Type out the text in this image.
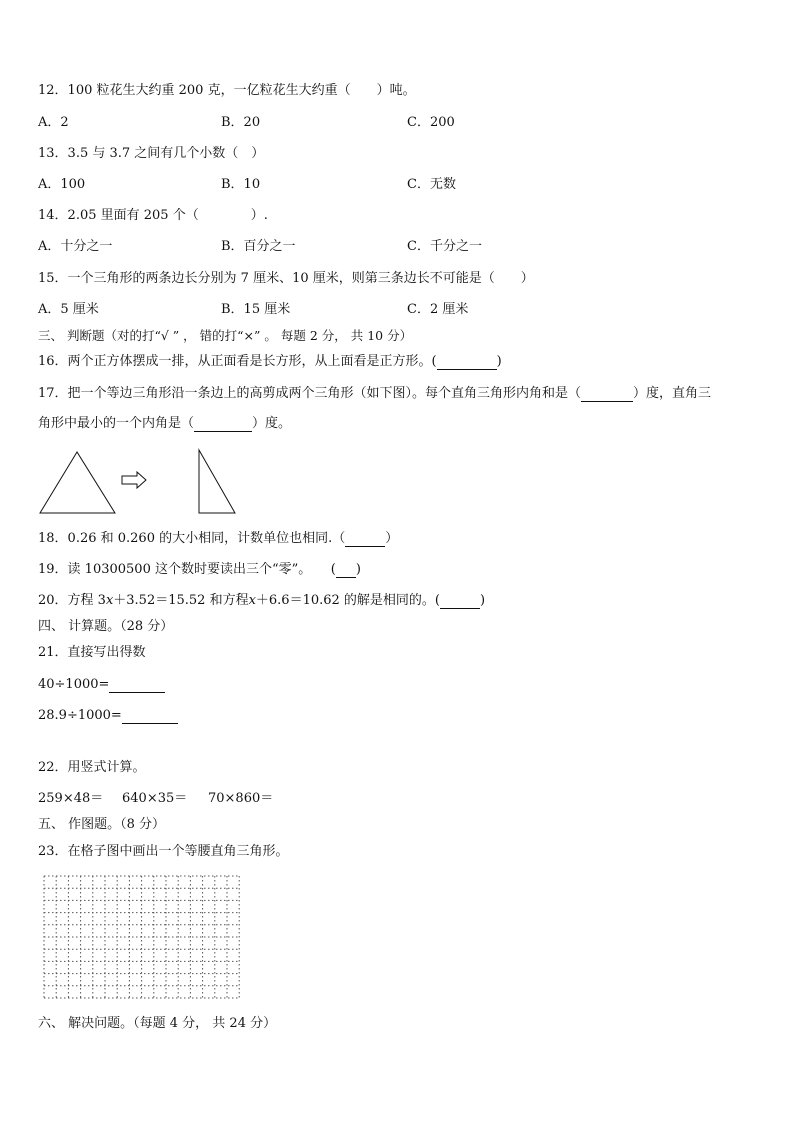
12．100 粒花生大约重 200 克，一亿粒花生大约重（　　）吨。
A．2	B．20	C．200
13．3.5 与 3.7 之间有几个小数（　）
A．100	B．10	C．无数
14．2.05 里面有 205 个（　　　　）.
A．十分之一	B．百分之一	C．千分之一
15．一个三角形的两条边长分别为 7 厘米、10 厘米，则第三条边长不可能是（　　）
A．5 厘米	B．15 厘米	C．2 厘米
三、 判断题（对的打“√ ” ， 错的打“×” 。 每题 2 分， 共 10 分）
16．两个正方体摆成一排，从正面看是长方形，从上面看是正方形。(	)
17．把一个等边三角形沿一条边上的高剪成两个三角形（如下图）。每个直角三角形内角和是（	）度，直角三
角形中最小的一个内角是（	）度。
18．0.26 和 0.260 的大小相同，计数单位也相同.（	）
19．读 10300500 这个数时要读出三个“零”。　　( )
20．方程 3𝑥＋3.52＝15.52 和方程𝑥＋6.6＝10.62 的解是相同的。(	)
四、 计算题。（28 分）
21．直接写出得数
40÷1000=
28.9÷1000=
22．用竖式计算。
259×48＝ 640×35＝ 70×860＝
五、 作图题。（8 分）
23．在格子图中画出一个等腰直角三角形。
六、 解决问题。（每题 4 分， 共 24 分）
